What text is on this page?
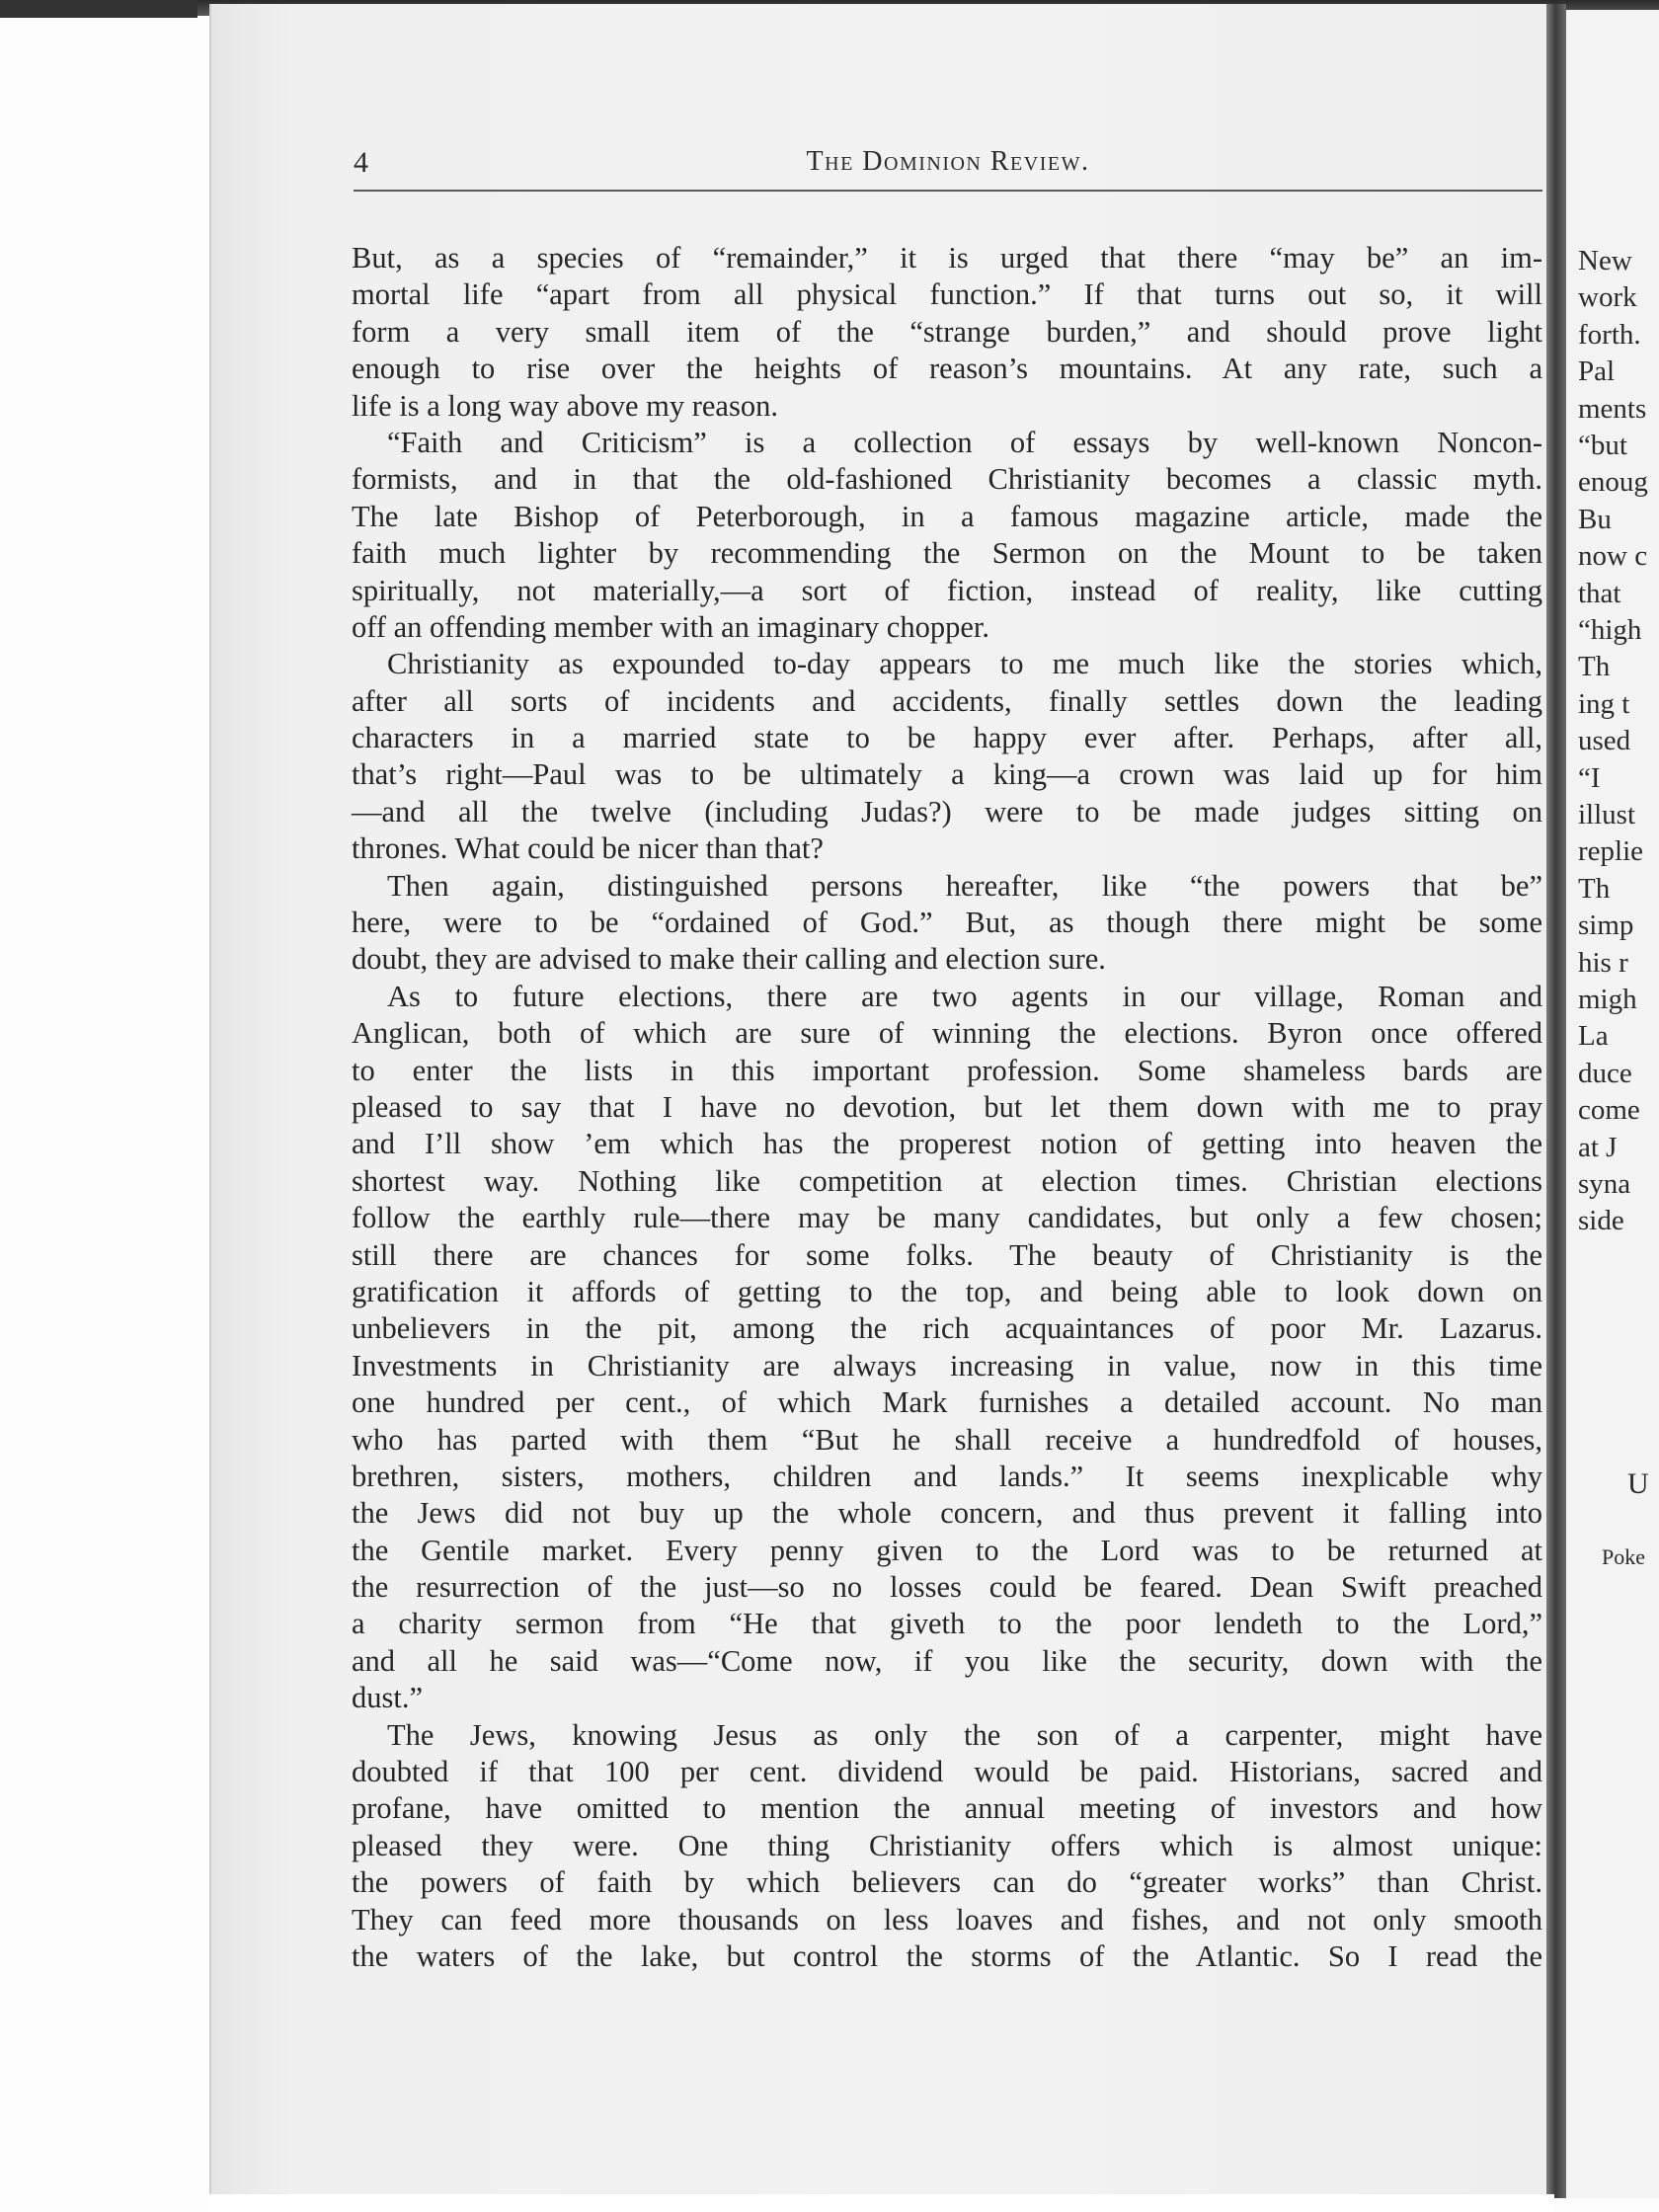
4	The Dominion Review.
But, as a species of “remainder,” it is urged that there “may be” an im-
mortal life “apart from all physical function.” If that turns out so, it will
form a very small item of the “strange burden,” and should prove light
enough to rise over the heights of reason’s mountains. At any rate, such a
life is a long way above my reason.
“Faith and Criticism” is a collection of essays by well-known Noncon-
formists, and in that the old-fashioned Christianity becomes a classic myth.
The late Bishop of Peterborough, in a famous magazine article, made the
faith much lighter by recommending the Sermon on the Mount to be taken
spiritually, not materially,—a sort of fiction, instead of reality, like cutting
off an offending member with an imaginary chopper.
Christianity as expounded to-day appears to me much like the stories which,
after all sorts of incidents and accidents, finally settles down the leading
characters in a married state to be happy ever after. Perhaps, after all,
that’s right—Paul was to be ultimately a king—a crown was laid up for him
—and all the twelve (including Judas?) were to be made judges sitting on
thrones. What could be nicer than that?
Then again, distinguished persons hereafter, like “the powers that be”
here, were to be “ordained of God.” But, as though there might be some
doubt, they are advised to make their calling and election sure.
As to future elections, there are two agents in our village, Roman and
Anglican, both of which are sure of winning the elections. Byron once offered
to enter the lists in this important profession. Some shameless bards are
pleased to say that I have no devotion, but let them down with me to pray
and I’ll show ’em which has the properest notion of getting into heaven the
shortest way. Nothing like competition at election times. Christian elections
follow the earthly rule—there may be many candidates, but only a few chosen;
still there are chances for some folks. The beauty of Christianity is the
gratification it affords of getting to the top, and being able to look down on
unbelievers in the pit, among the rich acquaintances of poor Mr. Lazarus.
Investments in Christianity are always increasing in value, now in this time
one hundred per cent., of which Mark furnishes a detailed account. No man
who has parted with them “But he shall receive a hundredfold of houses,
brethren, sisters, mothers, children and lands.” It seems inexplicable why
the Jews did not buy up the whole concern, and thus prevent it falling into
the Gentile market. Every penny given to the Lord was to be returned at
the resurrection of the just—so no losses could be feared. Dean Swift preached
a charity sermon from “He that giveth to the poor lendeth to the Lord,”
and all he said was—“Come now, if you like the security, down with the
dust.”
The Jews, knowing Jesus as only the son of a carpenter, might have
doubted if that 100 per cent. dividend would be paid. Historians, sacred and
profane, have omitted to mention the annual meeting of investors and how
pleased they were. One thing Christianity offers which is almost unique:
the powers of faith by which believers can do “greater works” than Christ.
They can feed more thousands on less loaves and fishes, and not only smooth
the waters of the lake, but control the storms of the Atlantic. So I read the
U
Poke
New
work
forth.
Pal
ments
“but
enoug
Bu
now c
that
“high
Th
ing t
used
“I
illust
replie
Th
simp
his r
migh
La
duce
come
at J
syna
side
